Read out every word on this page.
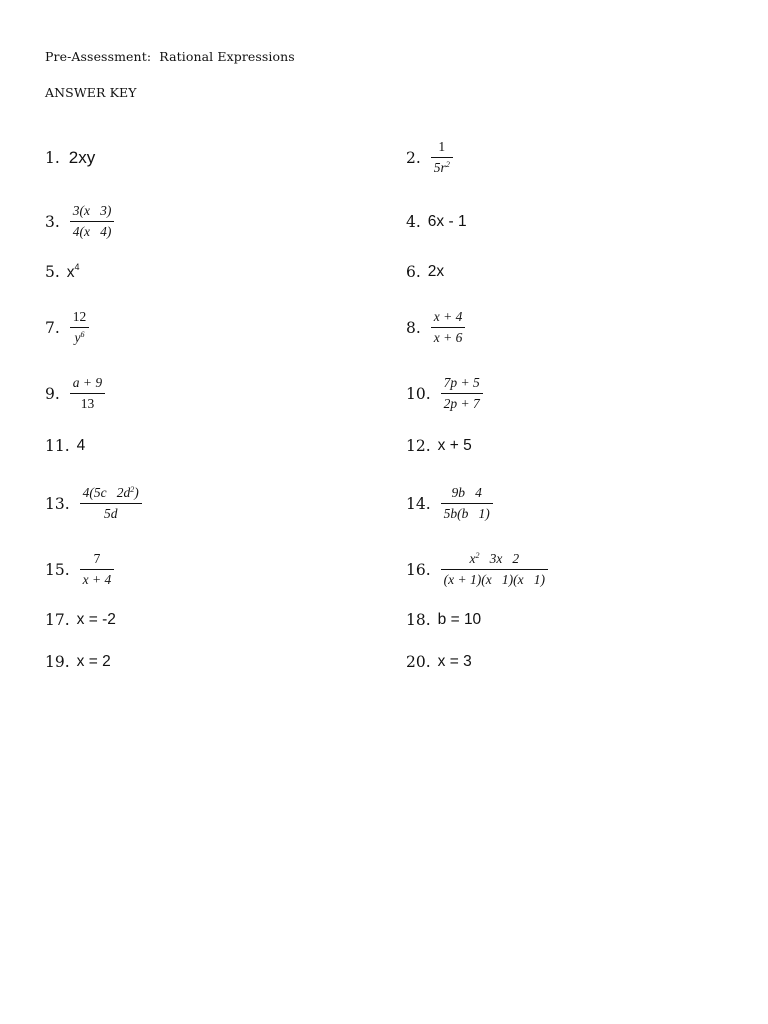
Pre-Assessment:  Rational Expressions
ANSWER KEY
1. 2xy	2. $\frac{1}{5r^2}$
3. $\frac{3(x 3)}{4(x 4)}$	4. 6x - 1
5. $x^4$	6. 2x
7. $\frac{12}{y^6}$	8. $\frac{x + 4}{x + 6}$
9. $\frac{a + 9}{13}$	10. $\frac{7p + 5}{2p + 7}$
11. 4	12. x + 5
13. $\frac{4(5c 2d^2)}{5d}$	14. $\frac{9b 4}{5b(b 1)}$
15. $\frac{7}{x + 4}$	16. $\frac{x^2 3x 2}{(x + 1)(x 1)(x 1)}$
17. x = -2	18. b = 10
19. x = 2	20. x = 3
